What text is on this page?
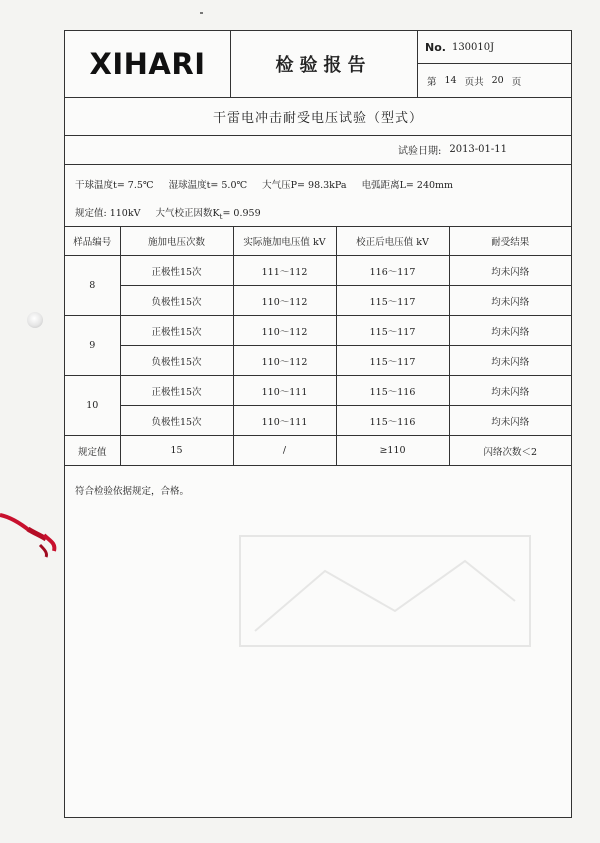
XIHARI	检验报告
No. 130010J
第 14 页共 20 页
干雷电冲击耐受电压试验（型式）
试验日期: 2013-01-11
干球温度t= 7.5℃ 湿球温度t= 5.0℃ 大气压P= 98.3kPa 电弧距离L= 240mm
规定值: 110kV 大气校正因数$K_t= 0.959$
样品编号	施加电压次数	实际施加电压值 kV	校正后电压值 kV	耐受结果
8	正极性15次	111～112	116～117	均未闪络
	负极性15次	110～112	115～117	均未闪络
9	正极性15次	110～112	115～117	均未闪络
	负极性15次	110～112	115～117	均未闪络
10	正极性15次	110～111	115～116	均未闪络
	负极性15次	110～111	115～116	均未闪络
规定值	15	/	≥110	闪络次数＜2
符合检验依据规定，合格。
